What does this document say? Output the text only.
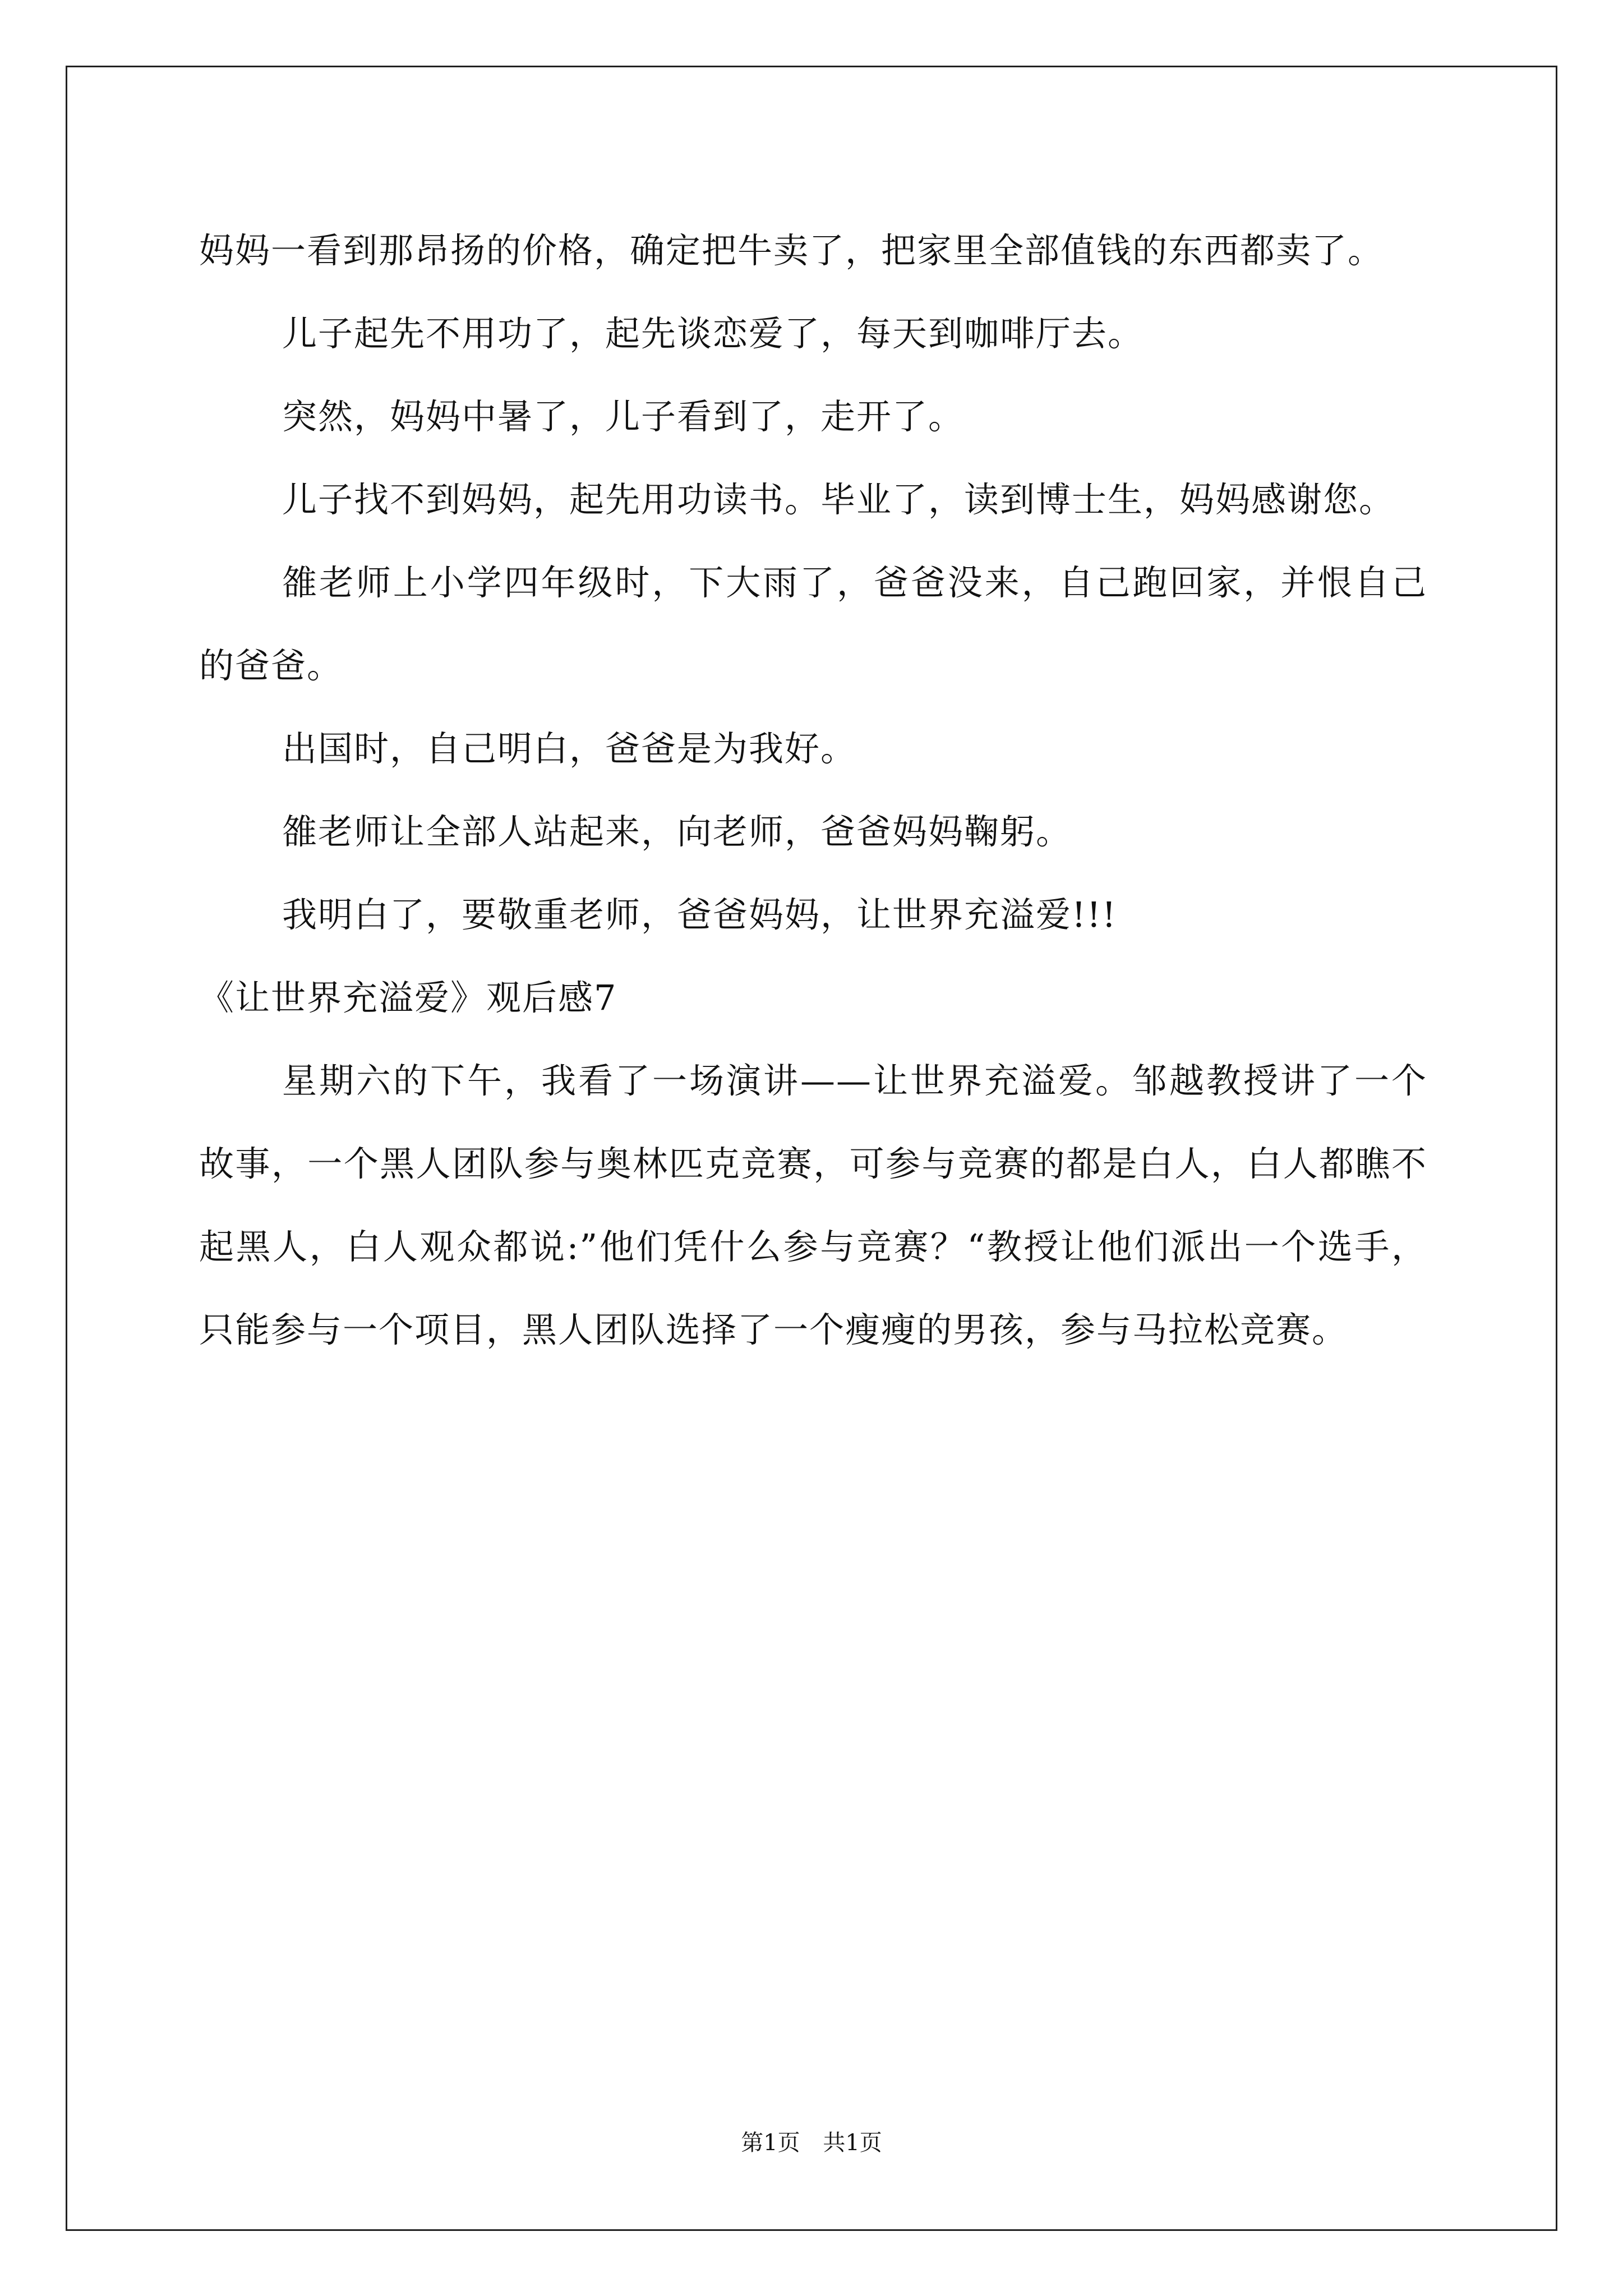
妈妈一看到那昂扬的价格，确定把牛卖了，把家里全部值钱的东西都卖了。

儿子起先不用功了，起先谈恋爱了，每天到咖啡厅去。

突然，妈妈中暑了，儿子看到了，走开了。

儿子找不到妈妈，起先用功读书。毕业了，读到博士生，妈妈感谢您。

雒老师上小学四年级时，下大雨了，爸爸没来，自己跑回家，并恨自己的爸爸。

出国时，自己明白，爸爸是为我好。

雒老师让全部人站起来，向老师，爸爸妈妈鞠躬。

我明白了，要敬重老师，爸爸妈妈，让世界充溢爱!!!

《让世界充溢爱》观后感7

星期六的下午，我看了一场演讲——让世界充溢爱。邹越教授讲了一个故事，一个黑人团队参与奥林匹克竞赛，可参与竞赛的都是白人，白人都瞧不起黑人，白人观众都说:”他们凭什么参与竞赛？“教授让他们派出一个选手，只能参与一个项目，黑人团队选择了一个瘦瘦的男孩，参与马拉松竞赛。

第1页 共1页
